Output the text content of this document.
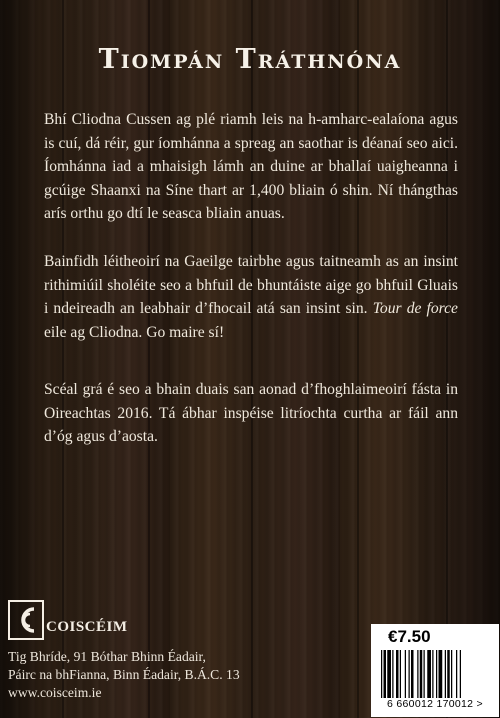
Tiompán Tráthnóna
Bhí Cliodna Cussen ag plé riamh leis na h-amharc-ealaíona agus is cuí, dá réir, gur íomhánna a spreag an saothar is déanaí seo aici. Íomhánna iad a mhaisigh lámh an duine ar bhallaí uaigheanna i gcúige Shaanxi na Síne thart ar 1,400 bliain ó shin. Ní thángthas arís orthu go dtí le seasca bliain anuas.
Bainfidh léitheoirí na Gaeilge tairbhe agus taitneamh as an insint rithimiúil sholéite seo a bhfuil de bhuntáiste aige go bhfuil Gluais i ndeireadh an leabhair d’fhocail atá san insint sin. Tour de force eile ag Cliodna. Go maire sí!
Scéal grá é seo a bhain duais san aonad d’fhoghlaimeoirí fásta in Oireachtas 2016. Tá ábhar inspéise litríochta curtha ar fáil ann d’óg agus d’aosta.
COISCÉIM
Tig Bhríde, 91 Bóthar Bhinn Éadair,
Páirc na bhFianna, Binn Éadair, B.Á.C. 13
www.coisceim.ie
€7.50
6 660012 170012 >
